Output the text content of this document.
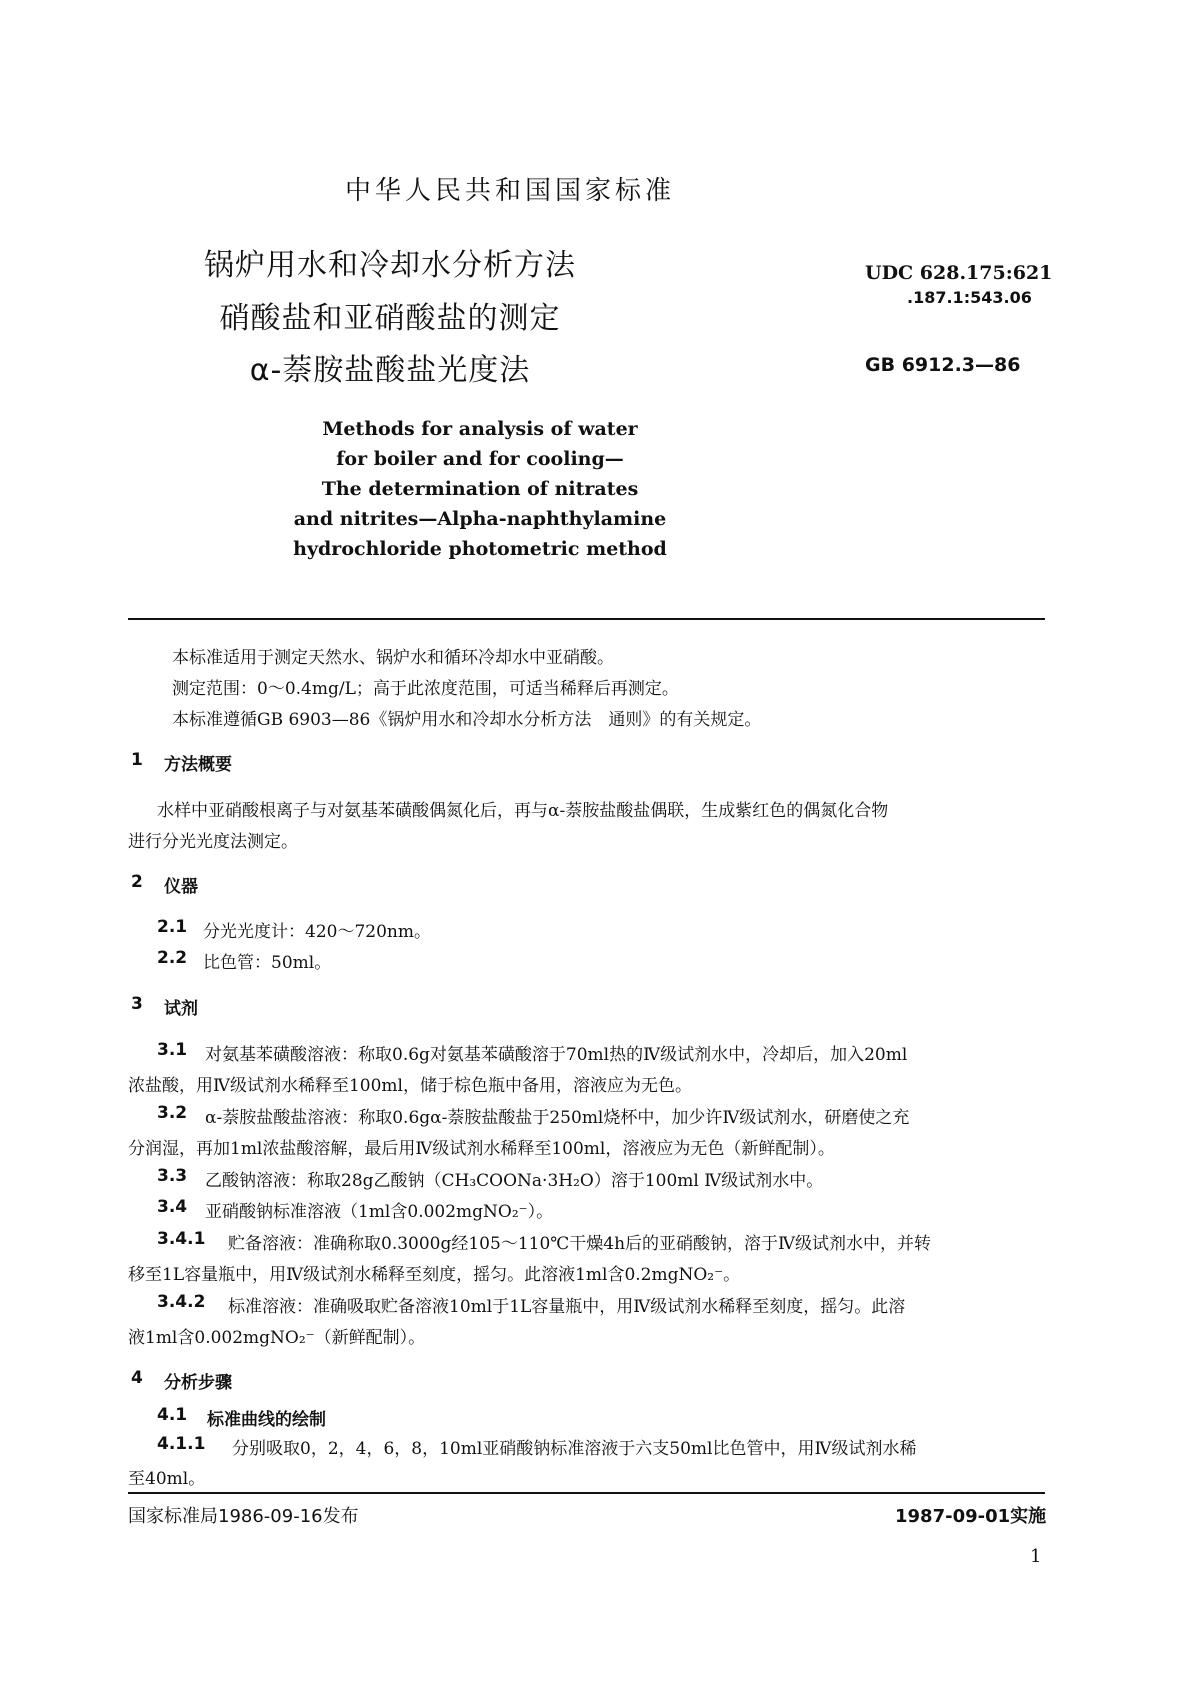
中华人民共和国国家标准
锅炉用水和冷却水分析方法
硝酸盐和亚硝酸盐的测定
α-萘胺盐酸盐光度法
UDC 628.175:621
.187.1:543.06
GB 6912.3—86
Methods for analysis of water
for boiler and for cooling—
The determination of nitrates
and nitrites—Alpha-naphthylamine
hydrochloride photometric method
本标准适用于测定天然水、锅炉水和循环冷却水中亚硝酸。
测定范围：0～0.4mg/L；高于此浓度范围，可适当稀释后再测定。
本标准遵循GB 6903—86《锅炉用水和冷却水分析方法　通则》的有关规定。
1 方法概要
水样中亚硝酸根离子与对氨基苯磺酸偶氮化后，再与α-萘胺盐酸盐偶联，生成紫红色的偶氮化合物
进行分光光度法测定。
2 仪器
2.1 分光光度计：420～720nm。
2.2 比色管：50ml。
3 试剂
3.1 对氨基苯磺酸溶液：称取0.6g对氨基苯磺酸溶于70ml热的Ⅳ级试剂水中，冷却后，加入20ml
浓盐酸，用Ⅳ级试剂水稀释至100ml，储于棕色瓶中备用，溶液应为无色。
3.2 α-萘胺盐酸盐溶液：称取0.6gα-萘胺盐酸盐于250ml烧杯中，加少许Ⅳ级试剂水，研磨使之充
分润湿，再加1ml浓盐酸溶解，最后用Ⅳ级试剂水稀释至100ml，溶液应为无色（新鲜配制）。
3.3 乙酸钠溶液：称取28g乙酸钠（CH₃COONa·3H₂O）溶于100ml Ⅳ级试剂水中。
3.4 亚硝酸钠标准溶液（1ml含0.002mgNO₂⁻）。
3.4.1 贮备溶液：准确称取0.3000g经105～110℃干燥4h后的亚硝酸钠，溶于Ⅳ级试剂水中，并转
移至1L容量瓶中，用Ⅳ级试剂水稀释至刻度，摇匀。此溶液1ml含0.2mgNO₂⁻。
3.4.2 标准溶液：准确吸取贮备溶液10ml于1L容量瓶中，用Ⅳ级试剂水稀释至刻度，摇匀。此溶
液1ml含0.002mgNO₂⁻（新鲜配制）。
4 分析步骤
4.1 标准曲线的绘制
4.1.1 分别吸取0，2，4，6，8，10ml亚硝酸钠标准溶液于六支50ml比色管中，用Ⅳ级试剂水稀
至40ml。
国家标准局1986-09-16发布	1987-09-01实施
1
